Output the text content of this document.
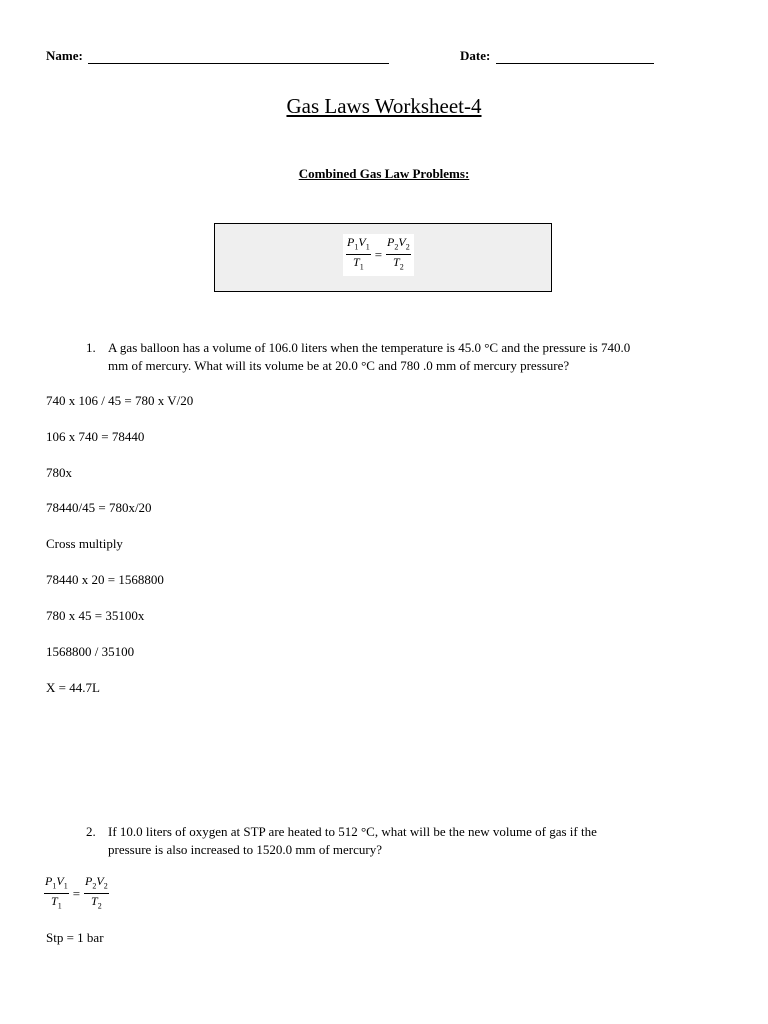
Name:	Date:
Gas Laws Worksheet-4
Combined Gas Law Problems:
$\frac{P_1V_1}{T_1} = \frac{P_2V_2}{T_2}$
1. A gas balloon has a volume of 106.0 liters when the temperature is 45.0 °C and the pressure is 740.0
mm of mercury. What will its volume be at 20.0 °C and 780 .0 mm of mercury pressure?
740 x 106 / 45 = 780 x V/20
106 x 740 = 78440
780x
78440/45 = 780x/20
Cross multiply
78440 x 20 = 1568800
780 x 45 = 35100x
1568800 / 35100
X = 44.7L
2. If 10.0 liters of oxygen at STP are heated to 512 °C, what will be the new volume of gas if the
pressure is also increased to 1520.0 mm of mercury?
$\frac{P_1V_1}{T_1} = \frac{P_2V_2}{T_2}$
Stp = 1 bar
